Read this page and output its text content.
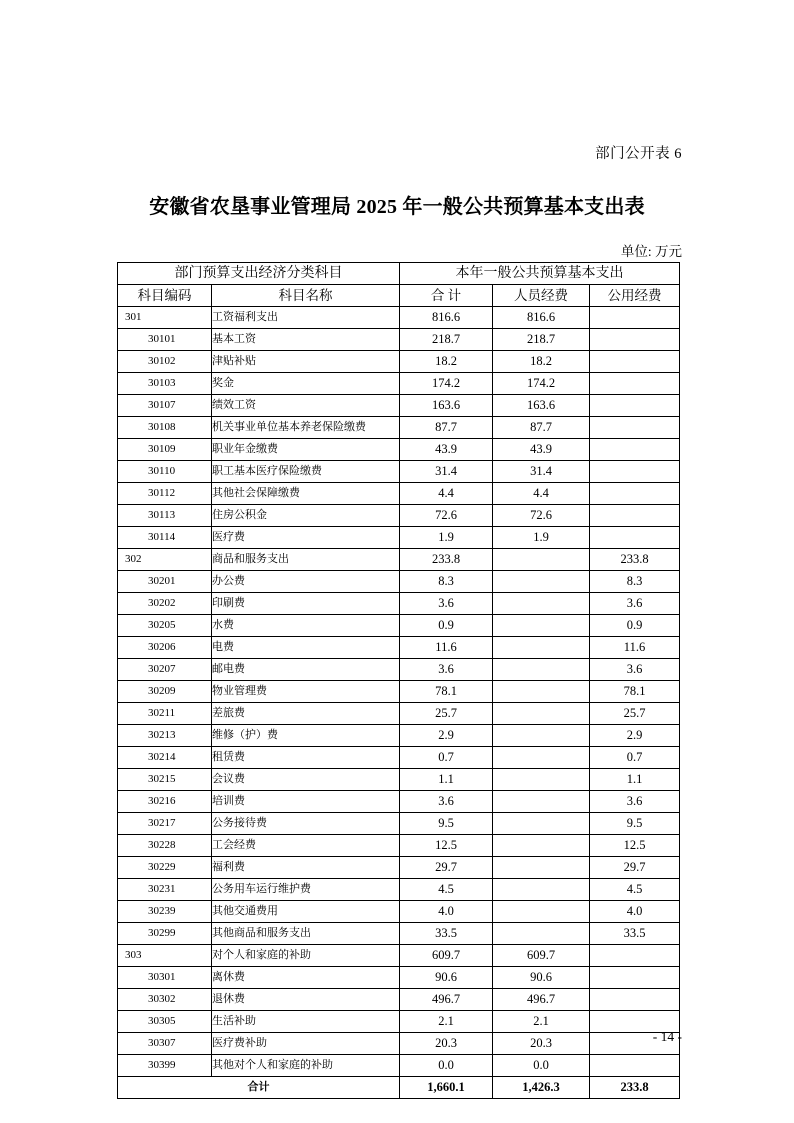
部门公开表 6
安徽省农垦事业管理局 2025 年一般公共预算基本支出表
单位: 万元
部门预算支出经济分类科目		本年一般公共预算基本支出		
科目编码	科目名称	合 计	人员经费	公用经费
301	工资福利支出	816.6	816.6	
30101	基本工资	218.7	218.7	
30102	津贴补贴	18.2	18.2	
30103	奖金	174.2	174.2	
30107	绩效工资	163.6	163.6	
30108	机关事业单位基本养老保险缴费	87.7	87.7	
30109	职业年金缴费	43.9	43.9	
30110	职工基本医疗保险缴费	31.4	31.4	
30112	其他社会保障缴费	4.4	4.4	
30113	住房公积金	72.6	72.6	
30114	医疗费	1.9	1.9	
302	商品和服务支出	233.8		233.8
30201	办公费	8.3		8.3
30202	印刷费	3.6		3.6
30205	水费	0.9		0.9
30206	电费	11.6		11.6
30207	邮电费	3.6		3.6
30209	物业管理费	78.1		78.1
30211	差旅费	25.7		25.7
30213	维修（护）费	2.9		2.9
30214	租赁费	0.7		0.7
30215	会议费	1.1		1.1
30216	培训费	3.6		3.6
30217	公务接待费	9.5		9.5
30228	工会经费	12.5		12.5
30229	福利费	29.7		29.7
30231	公务用车运行维护费	4.5		4.5
30239	其他交通费用	4.0		4.0
30299	其他商品和服务支出	33.5		33.5
303	对个人和家庭的补助	609.7	609.7	
30301	离休费	90.6	90.6	
30302	退休费	496.7	496.7	
30305	生活补助	2.1	2.1	
30307	医疗费补助	20.3	20.3	
30399	其他对个人和家庭的补助	0.0	0.0	
合计		1,660.1	1,426.3	233.8
- 14 -
